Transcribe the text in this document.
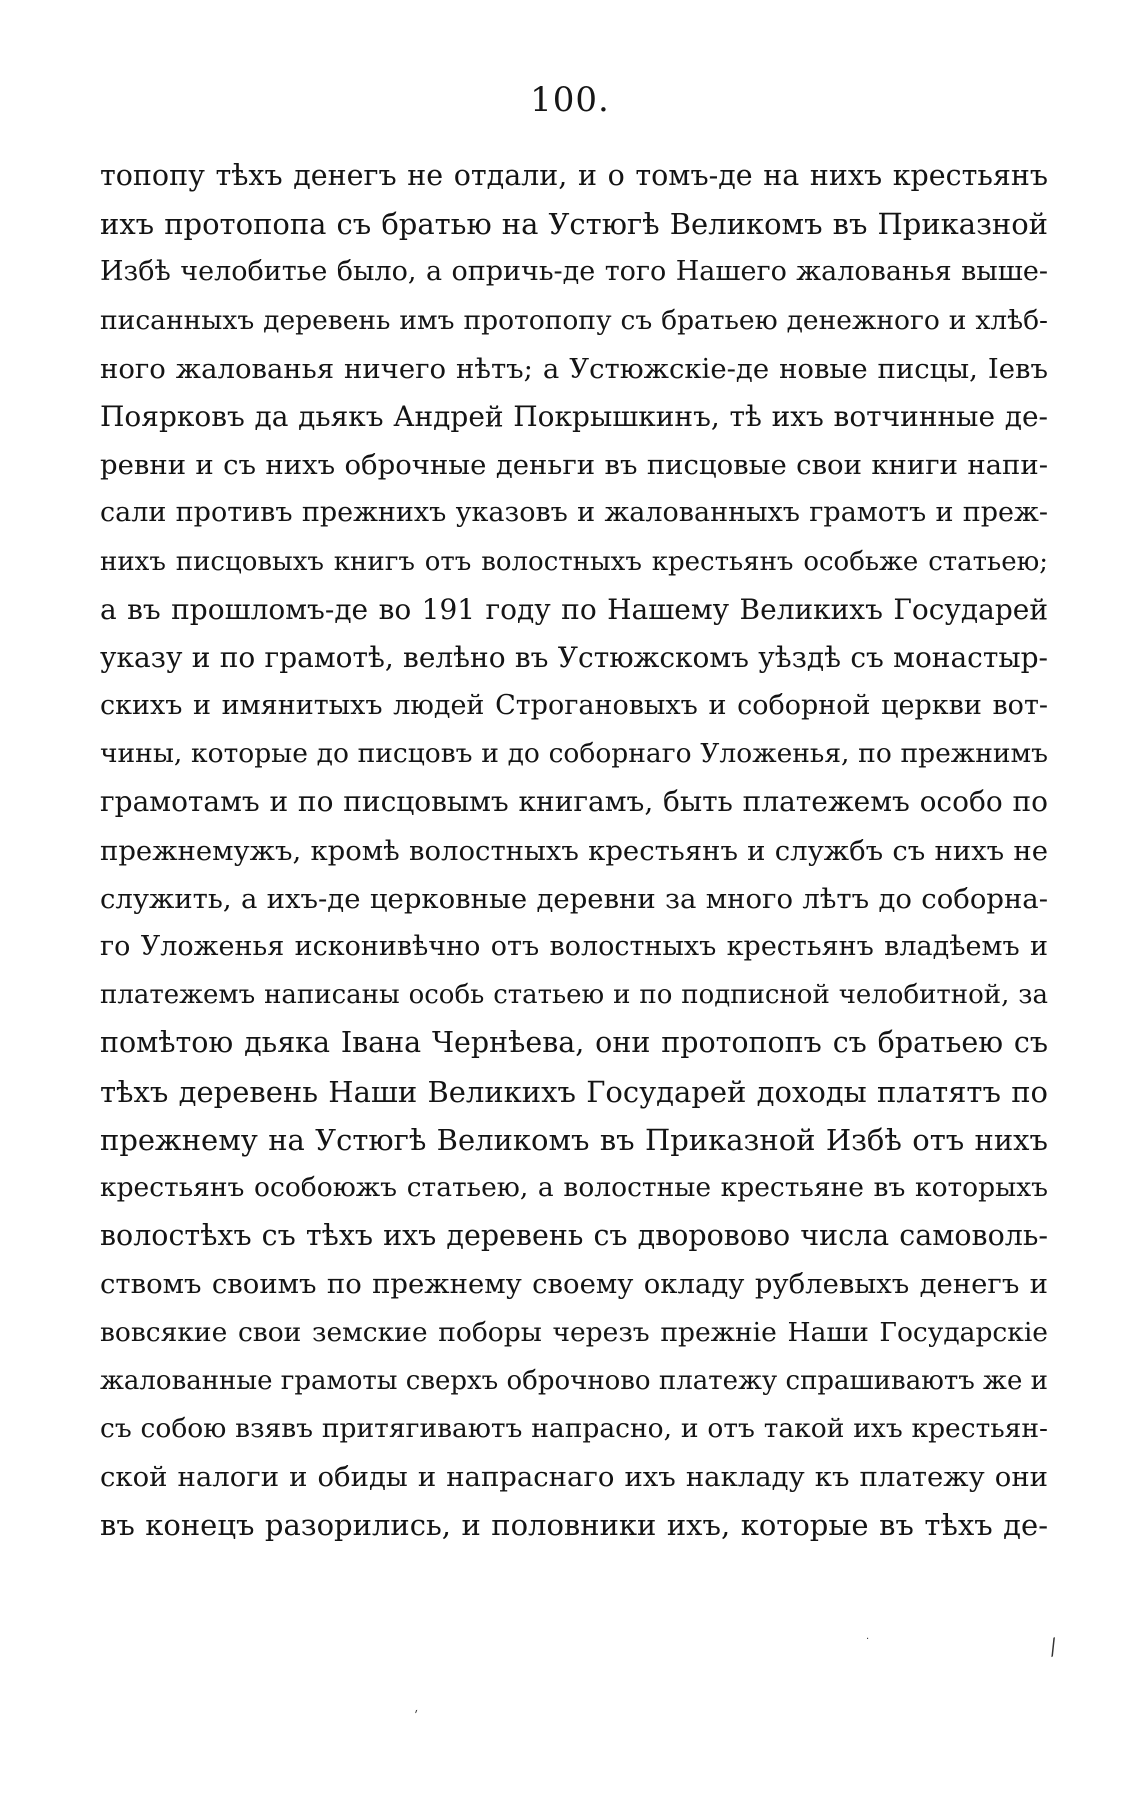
100.
топопу тѣхъ денегъ не отдали, и о томъ-де на нихъ крестьянъ
ихъ протопопа съ братью на Устюгѣ Великомъ въ Приказной
Избѣ челобитье было, а опричь-де того Нашего жалованья выше-
писанныхъ деревень имъ протопопу съ братьею денежного и хлѣб-
ного жалованья ничего нѣтъ; а Устюжскіе-де новые писцы, Іевъ
Поярковъ да дьякъ Андрей Покрышкинъ, тѣ ихъ вотчинные де-
ревни и съ нихъ оброчные деньги въ писцовые свои книги напи-
сали противъ прежнихъ указовъ и жалованныхъ грамотъ и преж-
нихъ писцовыхъ книгъ отъ волостныхъ крестьянъ особьже статьею;
а въ прошломъ-де во 191 году по Нашему Великихъ Государей
указу и по грамотѣ, велѣно въ Устюжскомъ уѣздѣ съ монастыр-
скихъ и имянитыхъ людей Строгановыхъ и соборной церкви вот-
чины, которые до писцовъ и до соборнаго Уложенья, по прежнимъ
грамотамъ и по писцовымъ книгамъ, быть платежемъ особо по
прежнемужъ, кромѣ волостныхъ крестьянъ и службъ съ нихъ не
служить, а ихъ-де церковные деревни за много лѣтъ до соборна-
го Уложенья исконивѣчно отъ волостныхъ крестьянъ владѣемъ и
платежемъ написаны особь статьею и по подписной челобитной, за
помѣтою дьяка Івана Чернѣева, они протопопъ съ братьею съ
тѣхъ деревень Наши Великихъ Государей доходы платятъ по
прежнему на Устюгѣ Великомъ въ Приказной Избѣ отъ нихъ
крестьянъ особоюжъ статьею, а волостные крестьяне въ которыхъ
волостѣхъ съ тѣхъ ихъ деревень съ дворовово числа самоволь-
ствомъ своимъ по прежнему своему окладу рублевыхъ денегъ и
вовсякие свои земские поборы черезъ прежніе Наши Государскіе
жалованные грамоты сверхъ оброчново платежу спрашиваютъ же и
съ собою взявъ притягиваютъ напрасно, и отъ такой ихъ крестьян-
ской налоги и обиды и напраснаго ихъ накладу къ платежу они
въ конецъ разорились, и половники ихъ, которые въ тѣхъ де-
⁄
·
ˏ
